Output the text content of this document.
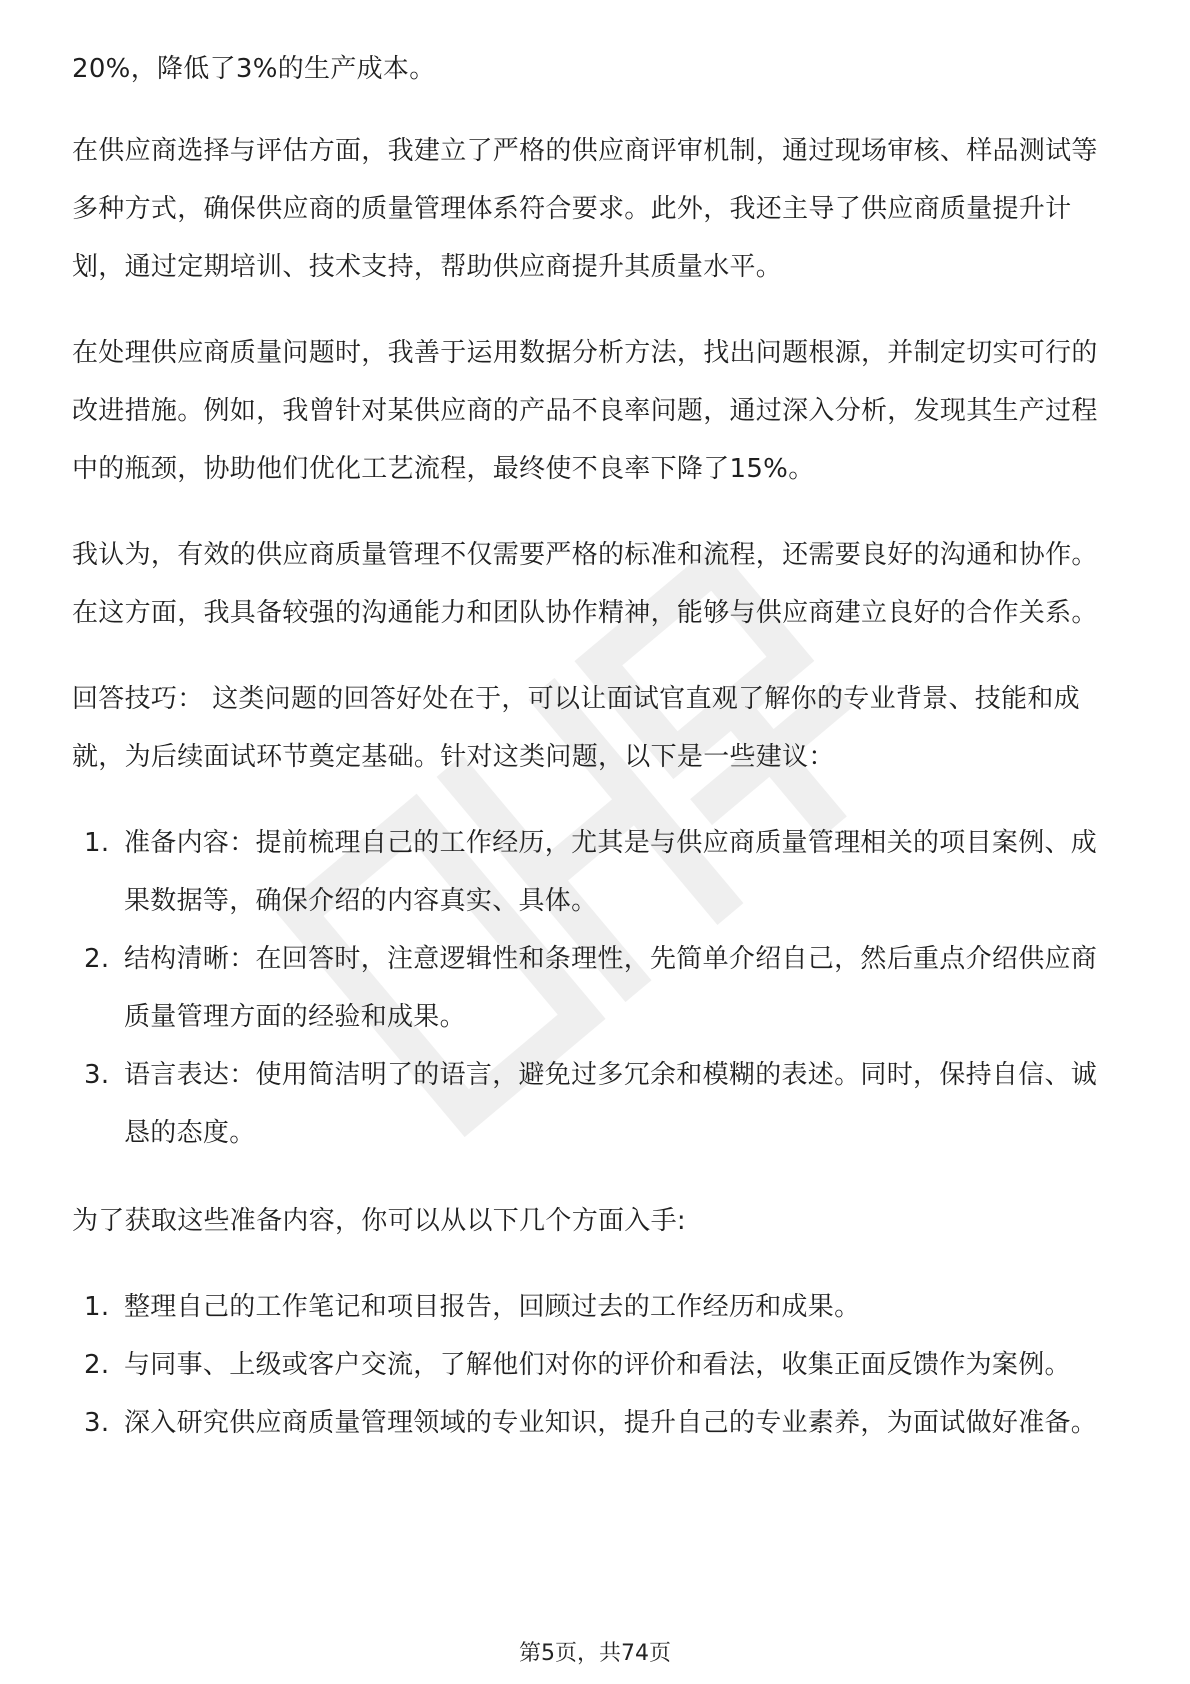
20%，降低了3%的生产成本。

在供应商选择与评估方面，我建立了严格的供应商评审机制，通过现场审核、样品测试等多种方式，确保供应商的质量管理体系符合要求。此外，我还主导了供应商质量提升计划，通过定期培训、技术支持，帮助供应商提升其质量水平。

在处理供应商质量问题时，我善于运用数据分析方法，找出问题根源，并制定切实可行的改进措施。例如，我曾针对某供应商的产品不良率问题，通过深入分析，发现其生产过程中的瓶颈，协助他们优化工艺流程，最终使不良率下降了15%。

我认为，有效的供应商质量管理不仅需要严格的标准和流程，还需要良好的沟通和协作。在这方面，我具备较强的沟通能力和团队协作精神，能够与供应商建立良好的合作关系。

回答技巧： 这类问题的回答好处在于，可以让面试官直观了解你的专业背景、技能和成就，为后续面试环节奠定基础。针对这类问题，以下是一些建议：

1. 准备内容：提前梳理自己的工作经历，尤其是与供应商质量管理相关的项目案例、成果数据等，确保介绍的内容真实、具体。
2. 结构清晰：在回答时，注意逻辑性和条理性，先简单介绍自己，然后重点介绍供应商质量管理方面的经验和成果。
3. 语言表达：使用简洁明了的语言，避免过多冗余和模糊的表述。同时，保持自信、诚恳的态度。

为了获取这些准备内容，你可以从以下几个方面入手:

1. 整理自己的工作笔记和项目报告，回顾过去的工作经历和成果。
2. 与同事、上级或客户交流，了解他们对你的评价和看法，收集正面反馈作为案例。
3. 深入研究供应商质量管理领域的专业知识，提升自己的专业素养，为面试做好准备。
第5页，共74页
